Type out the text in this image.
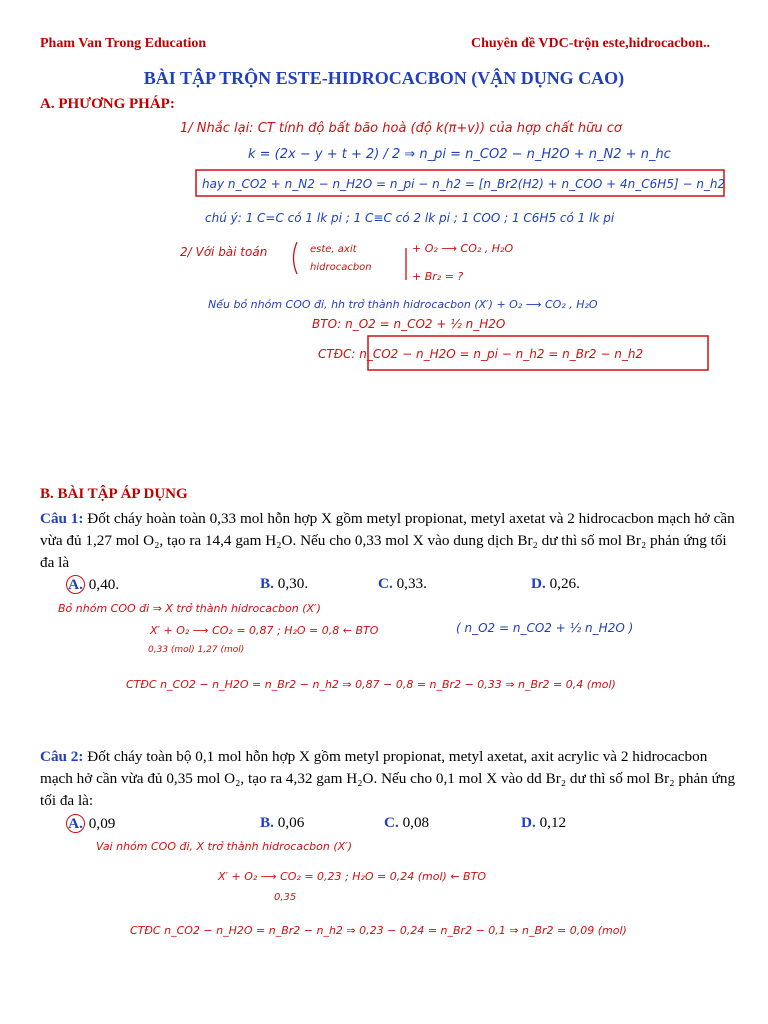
Pham Van Trong Education	Chuyên đề VDC-trộn este,hidrocacbon..
BÀI TẬP TRỘN ESTE-HIDROCACBON (VẬN DỤNG CAO)
A. PHƯƠNG PHÁP:
1/ Nhắc lại: CT tính độ bất bão hoà (độ k(π+v)) của hợp chất hữu cơ
k = (2x − y + t + 2) / 2 ⇒ n_pi = n_CO2 − n_H2O + n_N2 + n_hc
hay n_CO2 + n_N2 − n_H2O = n_pi − n_h2 = [n_Br2(H2) + n_COO + 4n_C6H5] − n_h2
chú ý: 1 C=C có 1 lk pi ; 1 C≡C có 2 lk pi ; 1 COO ; 1 C6H5 có 1 lk pi
2/ Với bài toán	este, axit
hidrocacbon
+ O₂ ⟶ CO₂ , H₂O
+ Br₂ = ?
Nếu bỏ nhóm COO đi, hh trở thành hidrocacbon (X′) + O₂ ⟶ CO₂ , H₂O
BTO: n_O2 = n_CO2 + ½ n_H2O
CTĐC: n_CO2 − n_H2O = n_pi − n_h2 = n_Br2 − n_h2
Bỏ nhóm COO đi ⇒ X trở thành hidrocacbon (X′)
X′ + O₂ ⟶ CO₂ = 0,87 ; H₂O = 0,8 ← BTO
0,33 (mol) 1,27 (mol)
( n_O2 = n_CO2 + ½ n_H2O )
CTĐC n_CO2 − n_H2O = n_Br2 − n_h2 ⇒ 0,87 − 0,8 = n_Br2 − 0,33 ⇒ n_Br2 = 0,4 (mol)
Vai nhóm COO đi, X trở thành hidrocacbon (X′)
X′ + O₂ ⟶ CO₂ = 0,23 ; H₂O = 0,24 (mol) ← BTO
0,35
CTĐC n_CO2 − n_H2O = n_Br2 − n_h2 ⇒ 0,23 − 0,24 = n_Br2 − 0,1 ⇒ n_Br2 = 0,09 (mol)
B. BÀI TẬP ÁP DỤNG
Câu 1: Đốt cháy hoàn toàn 0,33 mol hỗn hợp X gồm metyl propionat, metyl axetat và 2 hidrocacbon mạch hở cần vừa đủ 1,27 mol O₂, tạo ra 14,4 gam H₂O. Nếu cho 0,33 mol X vào dung dịch Br₂ dư thì số mol Br₂ phản ứng tối đa là
A. 0,40.	B. 0,30.	C. 0,33.	D. 0,26.
Câu 2: Đốt cháy toàn bộ 0,1 mol hỗn hợp X gồm metyl propionat, metyl axetat, axit acrylic và 2 hidrocacbon mạch hở cần vừa đủ 0,35 mol O₂, tạo ra 4,32 gam H₂O. Nếu cho 0,1 mol X vào dd Br₂ dư thì số mol Br₂ phản ứng tối đa là:
A. 0,09	B. 0,06	C. 0,08	D. 0,12
